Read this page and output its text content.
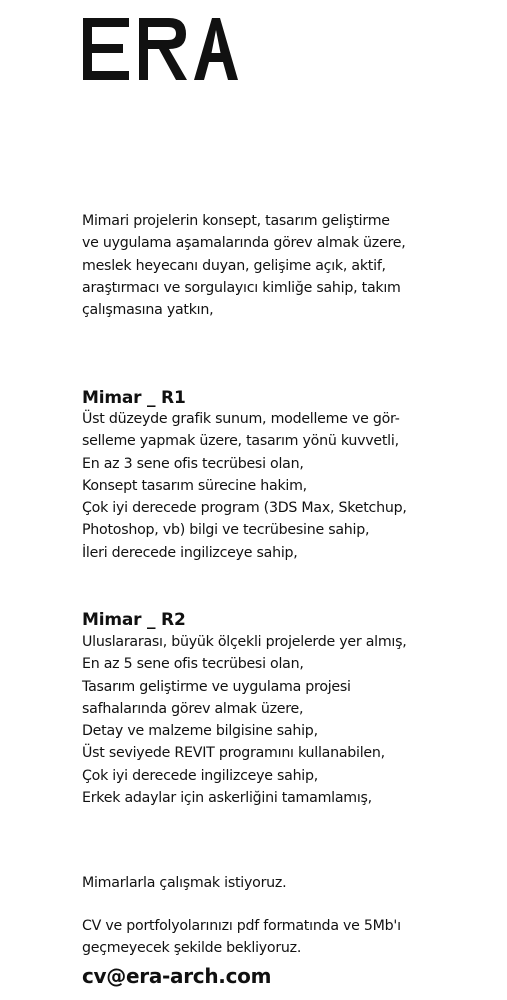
Mimari projelerin konsept, tasarım geliştirme
ve uygulama aşamalarında görev almak üzere,
meslek heyecanı duyan, gelişime açık, aktif,
araştırmacı ve sorgulayıcı kimliğe sahip, takım
çalışmasına yatkın,
Mimar _ R1
Üst düzeyde grafik sunum, modelleme ve gör-
selleme yapmak üzere, tasarım yönü kuvvetli,
En az 3 sene ofis tecrübesi olan,
Konsept tasarım sürecine hakim,
Çok iyi derecede program (3DS Max, Sketchup,
Photoshop, vb) bilgi ve tecrübesine sahip,
İleri derecede ingilizceye sahip,
Mimar _ R2
Uluslararası, büyük ölçekli projelerde yer almış,
En az 5 sene ofis tecrübesi olan,
Tasarım geliştirme ve uygulama projesi
safhalarında görev almak üzere,
Detay ve malzeme bilgisine sahip,
Üst seviyede REVIT programını kullanabilen,
Çok iyi derecede ingilizceye sahip,
Erkek adaylar için askerliğini tamamlamış,
Mimarlarla çalışmak istiyoruz.
CV ve portfolyolarınızı pdf formatında ve 5Mb'ı
geçmeyecek şekilde bekliyoruz.
cv@era-arch.com
